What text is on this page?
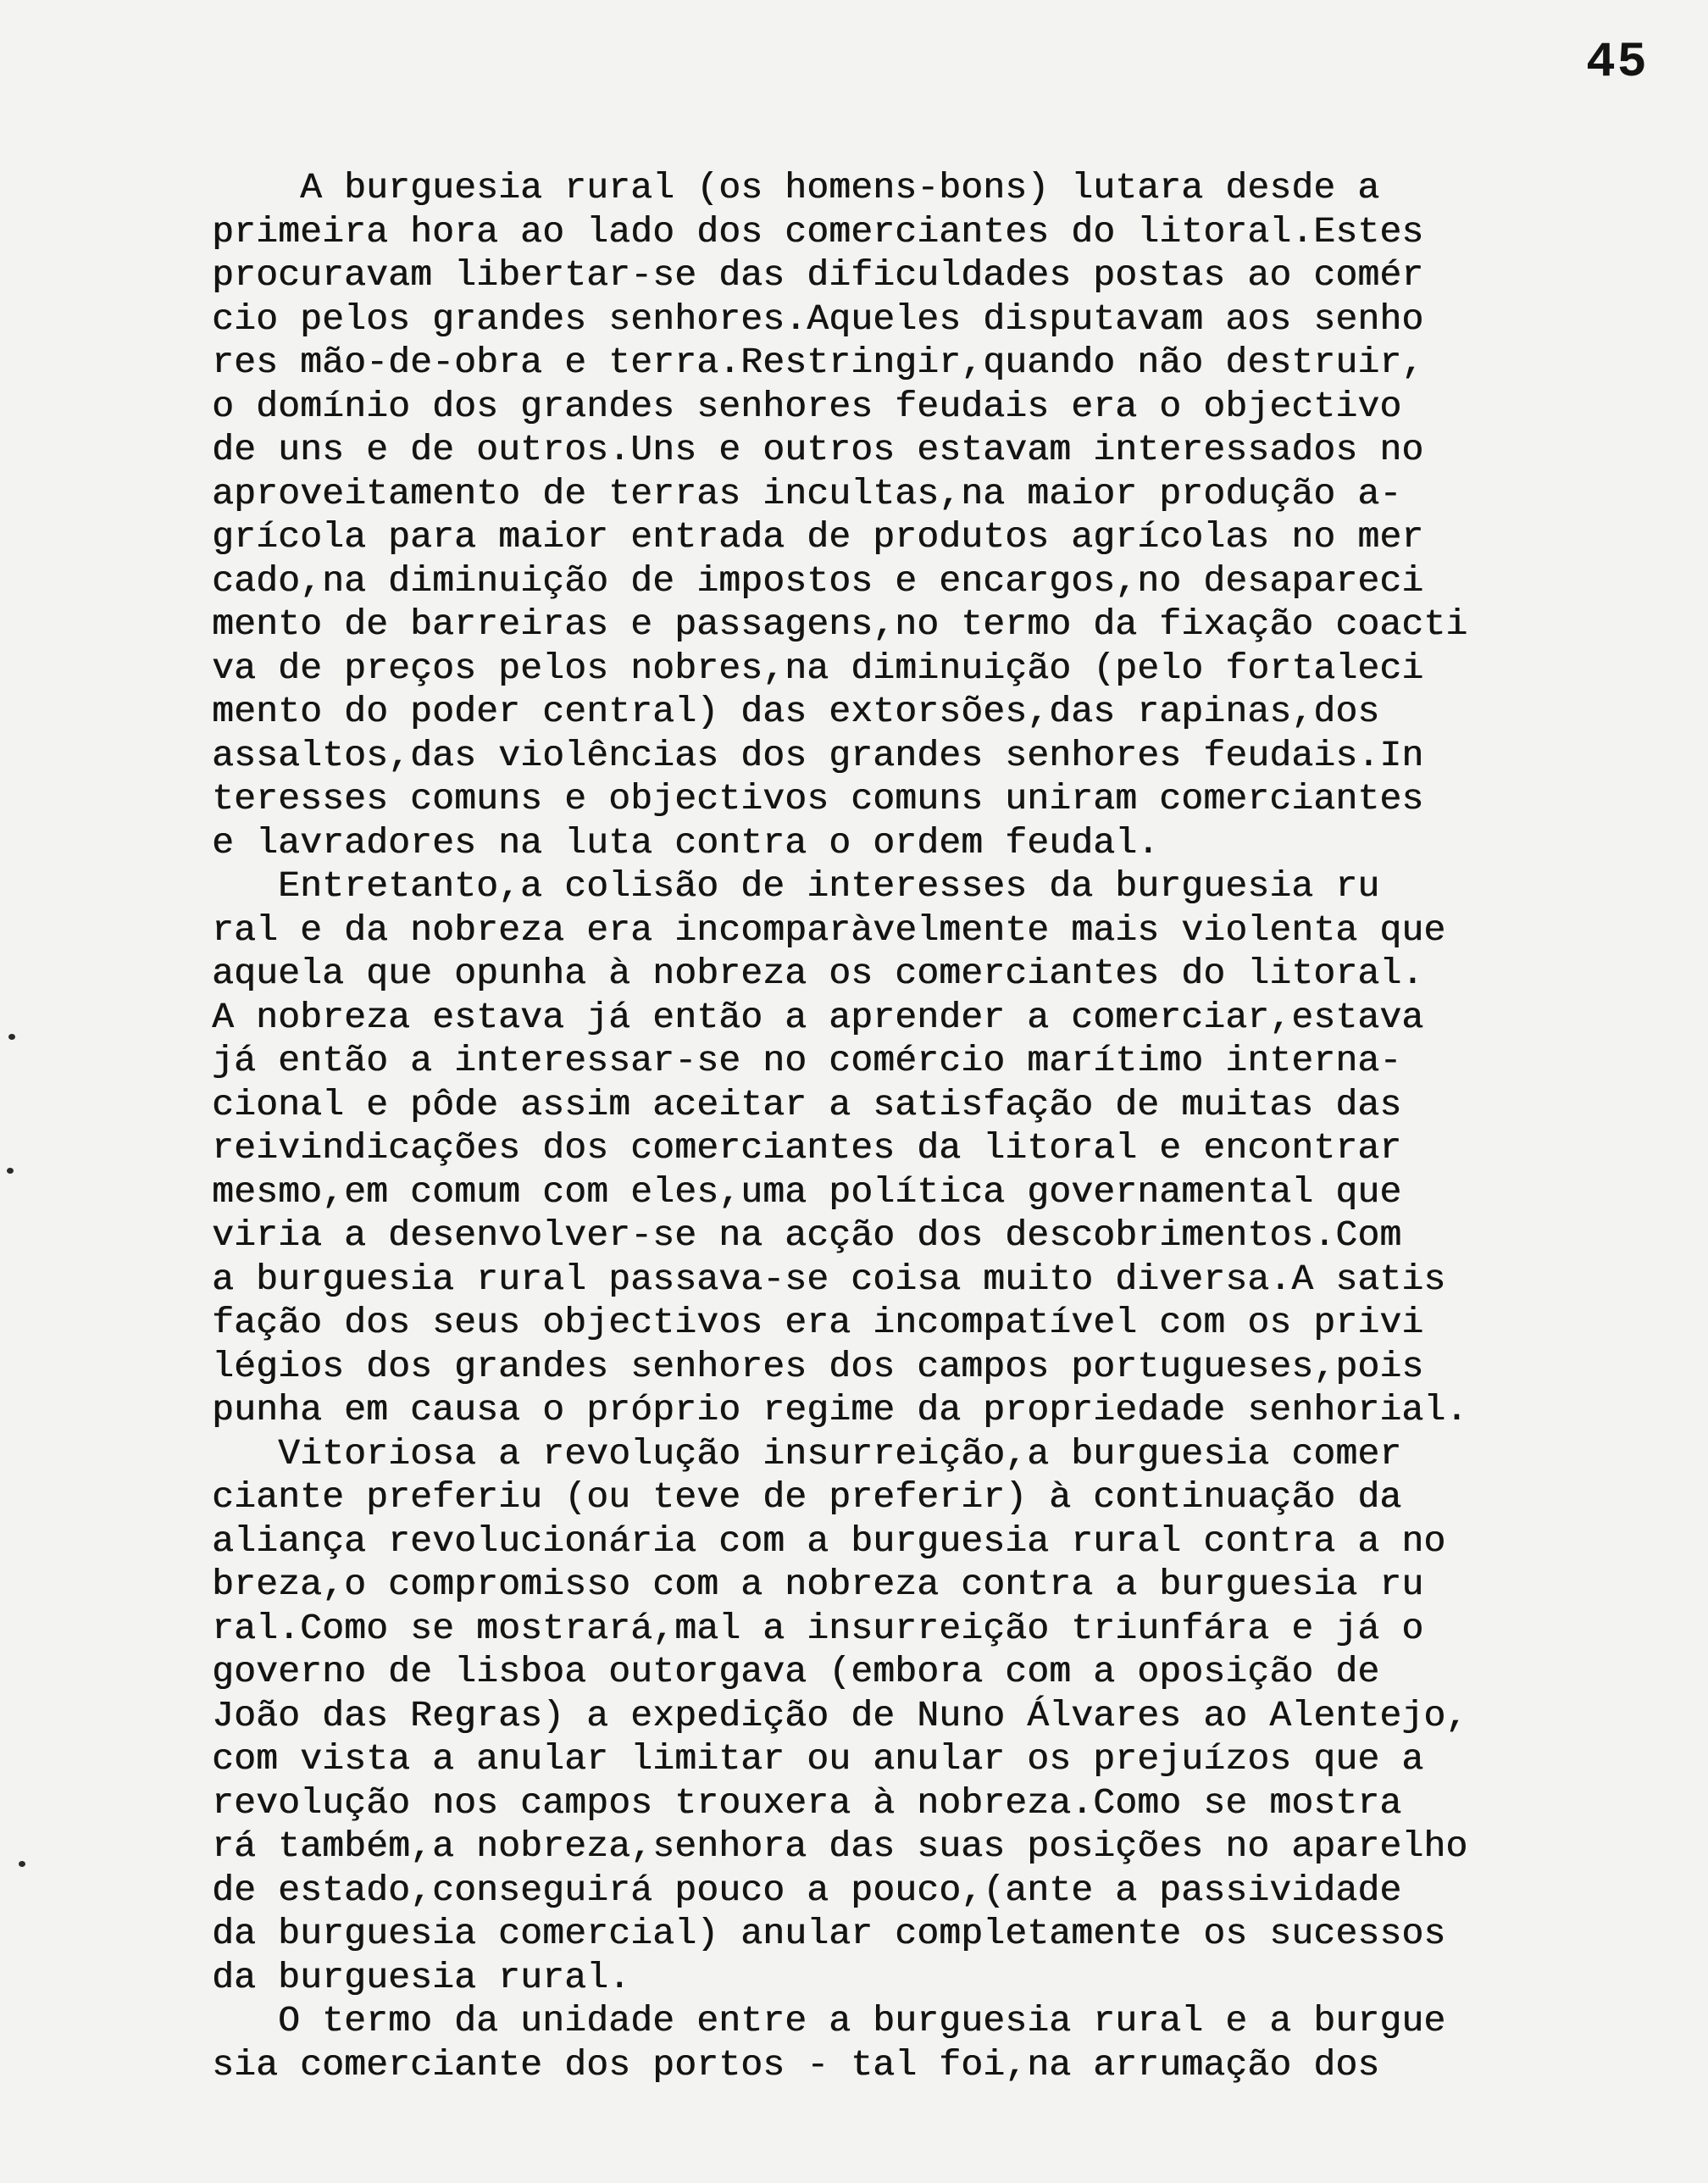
45
A burguesia rural (os homens-bons) lutara desde a
primeira hora ao lado dos comerciantes do litoral.Estes
procuravam libertar-se das dificuldades postas ao comér
cio pelos grandes senhores.Aqueles disputavam aos senho
res mão-de-obra e terra.Restringir,quando não destruir,
o domínio dos grandes senhores feudais era o objectivo
de uns e de outros.Uns e outros estavam interessados no
aproveitamento de terras incultas,na maior produção a-
grícola para maior entrada de produtos agrícolas no mer
cado,na diminuição de impostos e encargos,no desapareci
mento de barreiras e passagens,no termo da fixação coacti
va de preços pelos nobres,na diminuição (pelo fortaleci
mento do poder central) das extorsões,das rapinas,dos
assaltos,das violências dos grandes senhores feudais.In
teresses comuns e objectivos comuns uniram comerciantes
e lavradores na luta contra o ordem feudal.
Entretanto,a colisão de interesses da burguesia ru
ral e da nobreza era incomparàvelmente mais violenta que
aquela que opunha à nobreza os comerciantes do litoral.
A nobreza estava já então a aprender a comerciar,estava
já então a interessar-se no comércio marítimo interna-
cional e pôde assim aceitar a satisfação de muitas das
reivindicações dos comerciantes da litoral e encontrar
mesmo,em comum com eles,uma política governamental que
viria a desenvolver-se na acção dos descobrimentos.Com
a burguesia rural passava-se coisa muito diversa.A satis
fação dos seus objectivos era incompatível com os privi
légios dos grandes senhores dos campos portugueses,pois
punha em causa o próprio regime da propriedade senhorial.
Vitoriosa a revolução insurreição,a burguesia comer
ciante preferiu (ou teve de preferir) à continuação da
aliança revolucionária com a burguesia rural contra a no
breza,o compromisso com a nobreza contra a burguesia ru
ral.Como se mostrará,mal a insurreição triunfára e já o
governo de lisboa outorgava (embora com a oposição de
João das Regras) a expedição de Nuno Álvares ao Alentejo,
com vista a anular limitar ou anular os prejuízos que a
revolução nos campos trouxera à nobreza.Como se mostra
rá também,a nobreza,senhora das suas posições no aparelho
de estado,conseguirá pouco a pouco,(ante a passividade
da burguesia comercial) anular completamente os sucessos
da burguesia rural.
O termo da unidade entre a burguesia rural e a burgue
sia comerciante dos portos - tal foi,na arrumação dos
